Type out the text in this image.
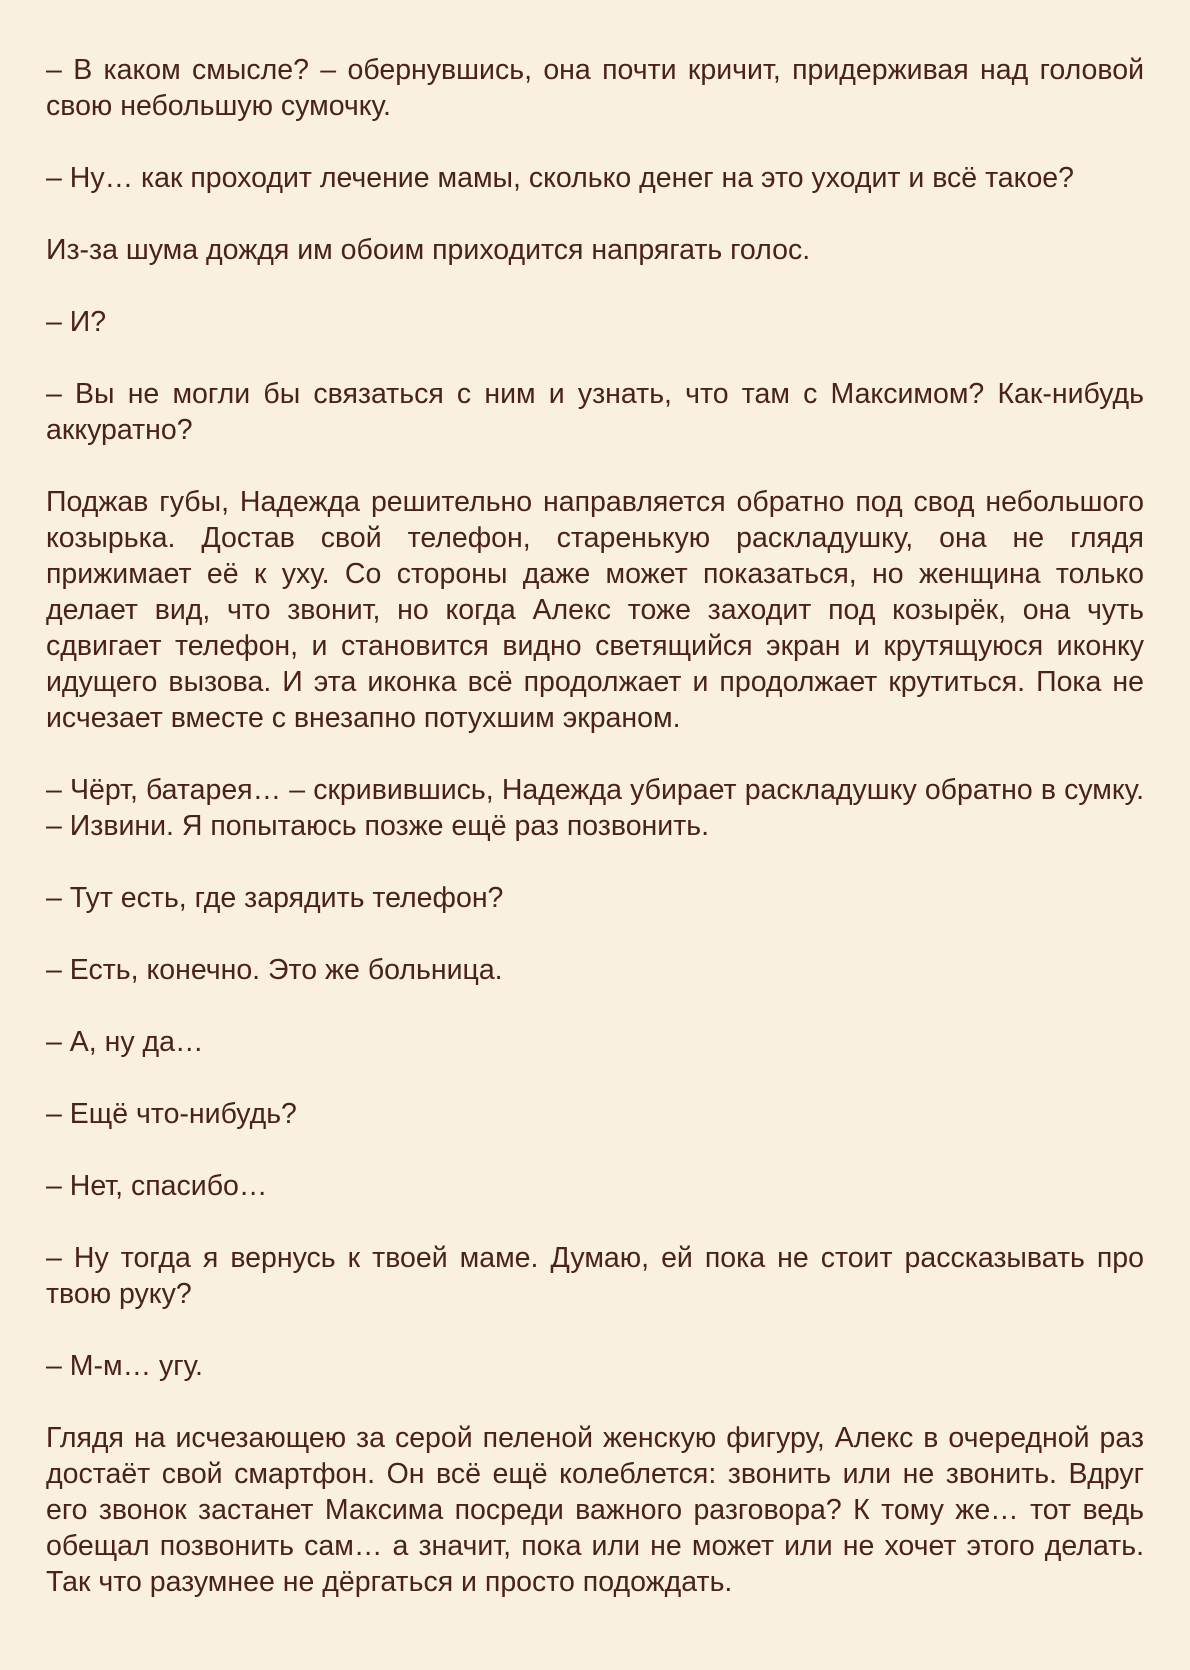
– В каком смысле? – обернувшись, она почти кричит, придерживая над головой свою небольшую сумочку.

– Ну… как проходит лечение мамы, сколько денег на это уходит и всё такое?

Из-за шума дождя им обоим приходится напрягать голос.

– И?

– Вы не могли бы связаться с ним и узнать, что там с Максимом? Как-нибудь аккуратно?

Поджав губы, Надежда решительно направляется обратно под свод небольшого козырька. Достав свой телефон, старенькую раскладушку, она не глядя прижимает её к уху. Со стороны даже может показаться, но женщина только делает вид, что звонит, но когда Алекс тоже заходит под козырёк, она чуть сдвигает телефон, и становится видно светящийся экран и крутящуюся иконку идущего вызова. И эта иконка всё продолжает и продолжает крутиться. Пока не исчезает вместе с внезапно потухшим экраном.

– Чёрт, батарея… – скривившись, Надежда убирает раскладушку обратно в сумку. – Извини. Я попытаюсь позже ещё раз позвонить.

– Тут есть, где зарядить телефон?

– Есть, конечно. Это же больница.

– А, ну да…

– Ещё что-нибудь?

– Нет, спасибо…

– Ну тогда я вернусь к твоей маме. Думаю, ей пока не стоит рассказывать про твою руку?

– М-м… угу.

Глядя на исчезающею за серой пеленой женскую фигуру, Алекс в очередной раз достаёт свой смартфон. Он всё ещё колеблется: звонить или не звонить. Вдруг его звонок застанет Максима посреди важного разговора? К тому же… тот ведь обещал позвонить сам… а значит, пока или не может или не хочет этого делать. Так что разумнее не дёргаться и просто подождать.
